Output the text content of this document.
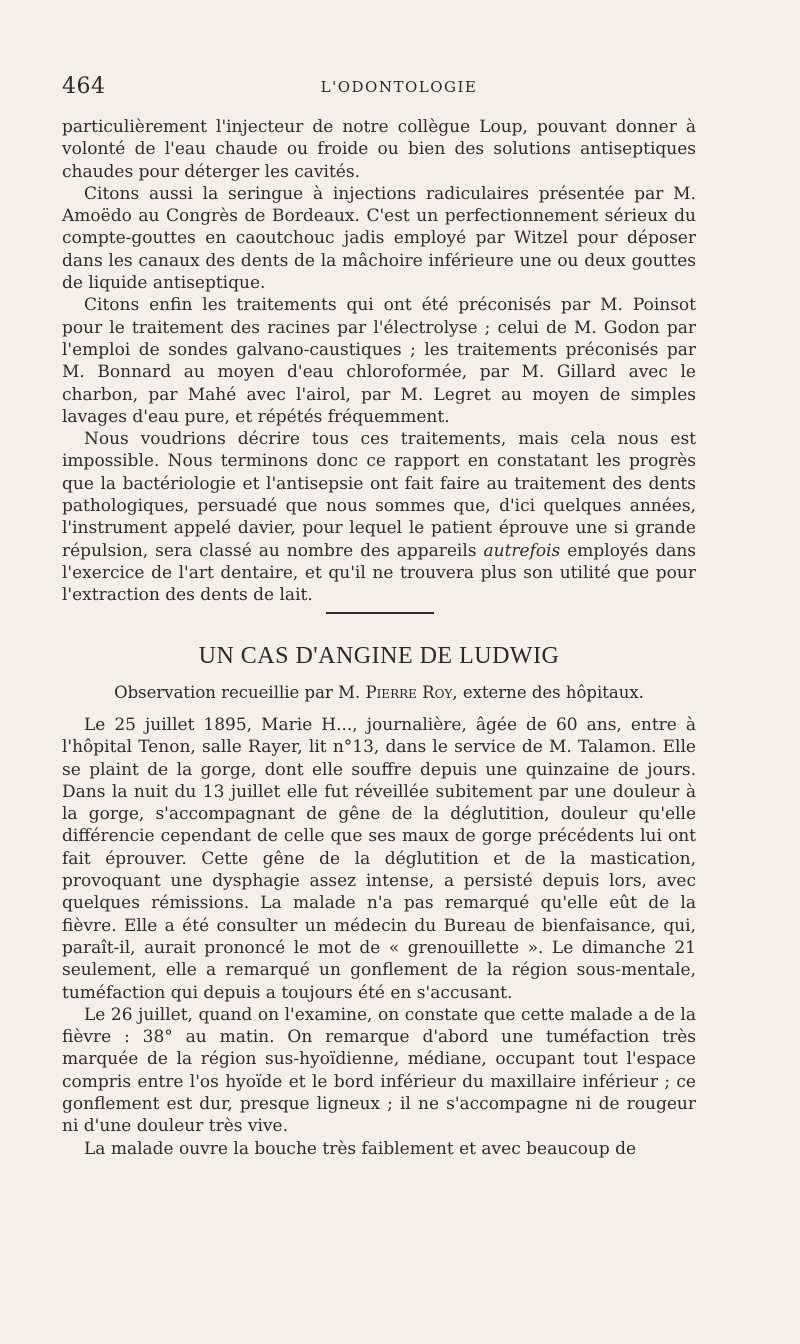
464	L'ODONTOLOGIE

particulièrement l'injecteur de notre collègue Loup, pouvant donner à volonté de l'eau chaude ou froide ou bien des solutions antiseptiques chaudes pour déterger les cavités.

Citons aussi la seringue à injections radiculaires présentée par M. Amoëdo au Congrès de Bordeaux. C'est un perfectionnement sérieux du compte-gouttes en caoutchouc jadis employé par Witzel pour déposer dans les canaux des dents de la mâchoire inférieure une ou deux gouttes de liquide antiseptique.

Citons enfin les traitements qui ont été préconisés par M. Poinsot pour le traitement des racines par l'électrolyse ; celui de M. Godon par l'emploi de sondes galvano-caustiques ; les traitements préconisés par M. Bonnard au moyen d'eau chloroformée, par M. Gillard avec le charbon, par Mahé avec l'airol, par M. Legret au moyen de simples lavages d'eau pure, et répétés fréquemment.

Nous voudrions décrire tous ces traitements, mais cela nous est impossible. Nous terminons donc ce rapport en constatant les progrès que la bactériologie et l'antisepsie ont fait faire au traitement des dents pathologiques, persuadé que nous sommes que, d'ici quelques années, l'instrument appelé davier, pour lequel le patient éprouve une si grande répulsion, sera classé au nombre des appareils autrefois employés dans l'exercice de l'art dentaire, et qu'il ne trouvera plus son utilité que pour l'extraction des dents de lait.

UN CAS D'ANGINE DE LUDWIG
Observation recueillie par M. Pierre Roy, externe des hôpitaux.

Le 25 juillet 1895, Marie H..., journalière, âgée de 60 ans, entre à l'hôpital Tenon, salle Rayer, lit n°13, dans le service de M. Talamon. Elle se plaint de la gorge, dont elle souffre depuis une quinzaine de jours. Dans la nuit du 13 juillet elle fut réveillée subitement par une douleur à la gorge, s'accompagnant de gêne de la déglutition, douleur qu'elle différencie cependant de celle que ses maux de gorge précédents lui ont fait éprouver. Cette gêne de la déglutition et de la mastication, provoquant une dysphagie assez intense, a persisté depuis lors, avec quelques rémissions. La malade n'a pas remarqué qu'elle eût de la fièvre. Elle a été consulter un médecin du Bureau de bienfaisance, qui, paraît-il, aurait prononcé le mot de « grenouillette ». Le dimanche 21 seulement, elle a remarqué un gonflement de la région sous-mentale, tuméfaction qui depuis a toujours été en s'accusant.

Le 26 juillet, quand on l'examine, on constate que cette malade a de la fièvre : 38° au matin. On remarque d'abord une tuméfaction très marquée de la région sus-hyoïdienne, médiane, occupant tout l'espace compris entre l'os hyoïde et le bord inférieur du maxillaire inférieur ; ce gonflement est dur, presque ligneux ; il ne s'accompagne ni de rougeur ni d'une douleur très vive.

La malade ouvre la bouche très faiblement et avec beaucoup de
